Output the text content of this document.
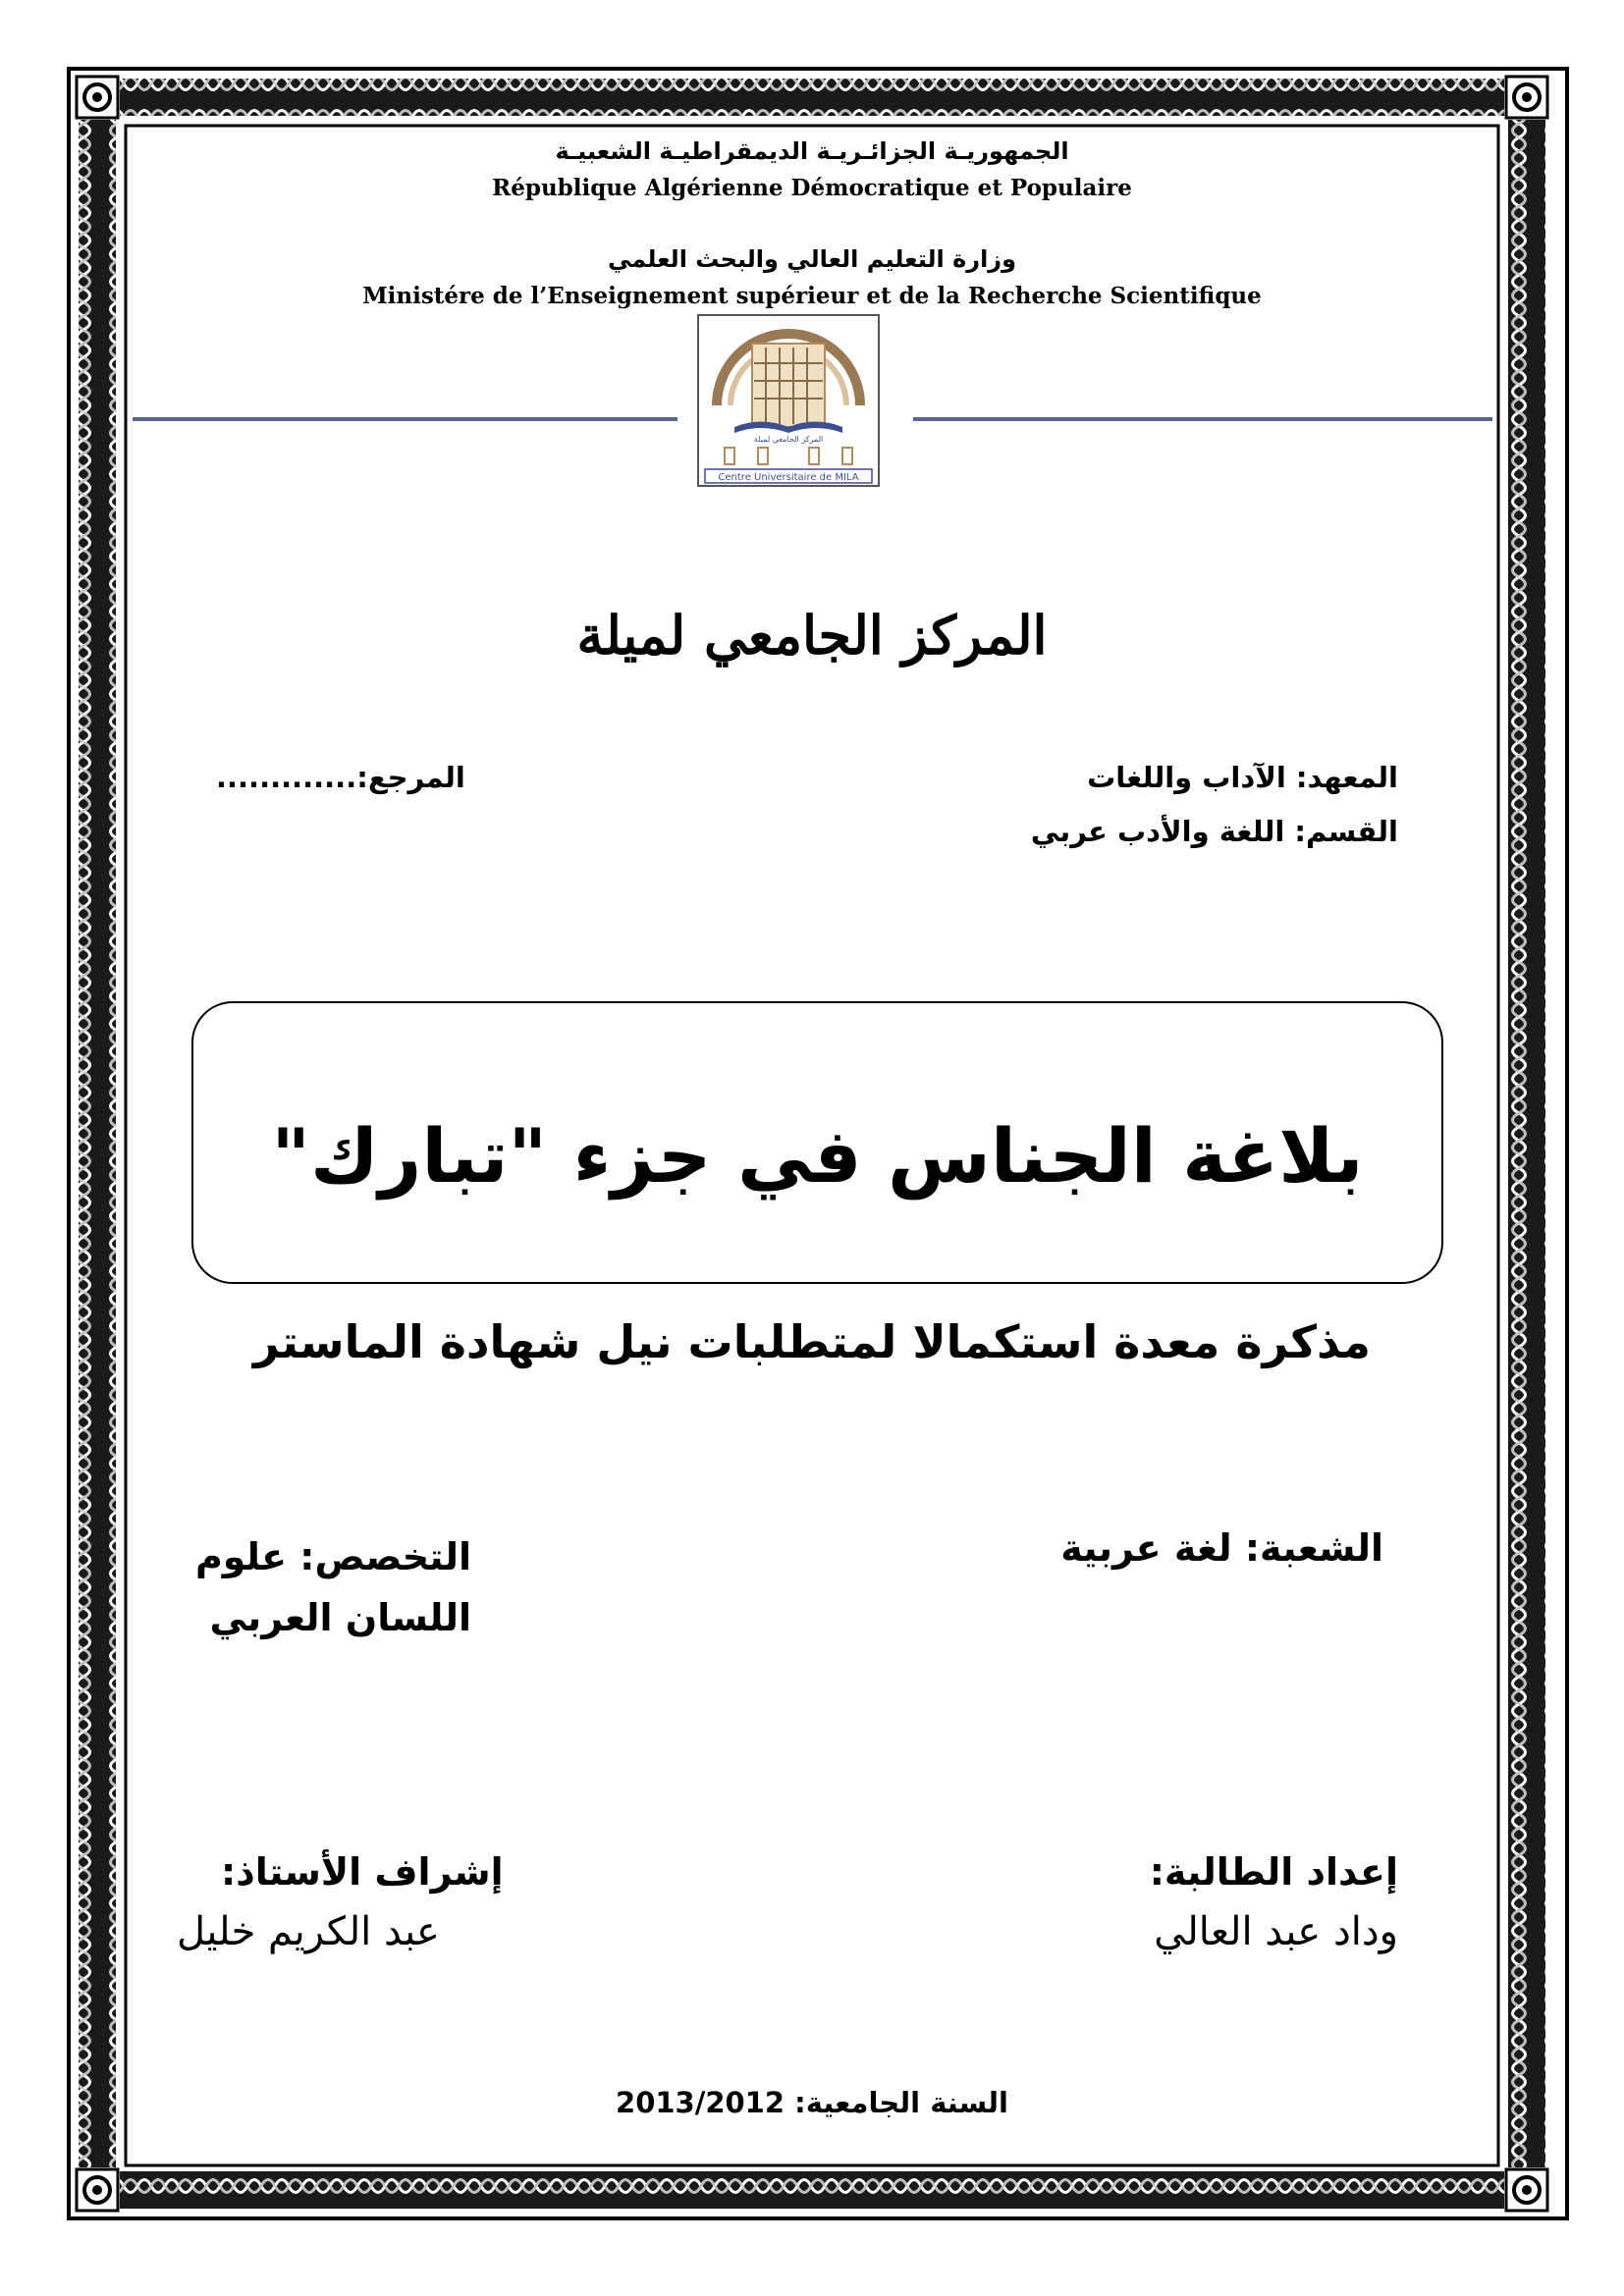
الجمهوريـة الجزائـريـة الديمقراطيـة الشعبيـة

République Algérienne Démocratique et Populaire

وزارة التعليم العالي والبحث العلمي

Ministére de l’Enseignement supérieur et de la Recherche Scientifique

المركز الجامعي لميلة
Centre Universitaire de MILA

المركز الجامعي لميلة

المعهد: الآداب واللغات

القسم: اللغة والأدب عربي

المرجع:.............

بلاغة الجناس في جزء "تبارك"

مذكرة معدة استكمالا لمتطلبات نيل شهادة الماستر

الشعبة: لغة عربية

التخصص: علوم اللسان العربي

إعداد الطالبة:

وداد عبد العالي

إشراف الأستاذ:

عبد الكريم خليل

السنة الجامعية: 2013/2012
